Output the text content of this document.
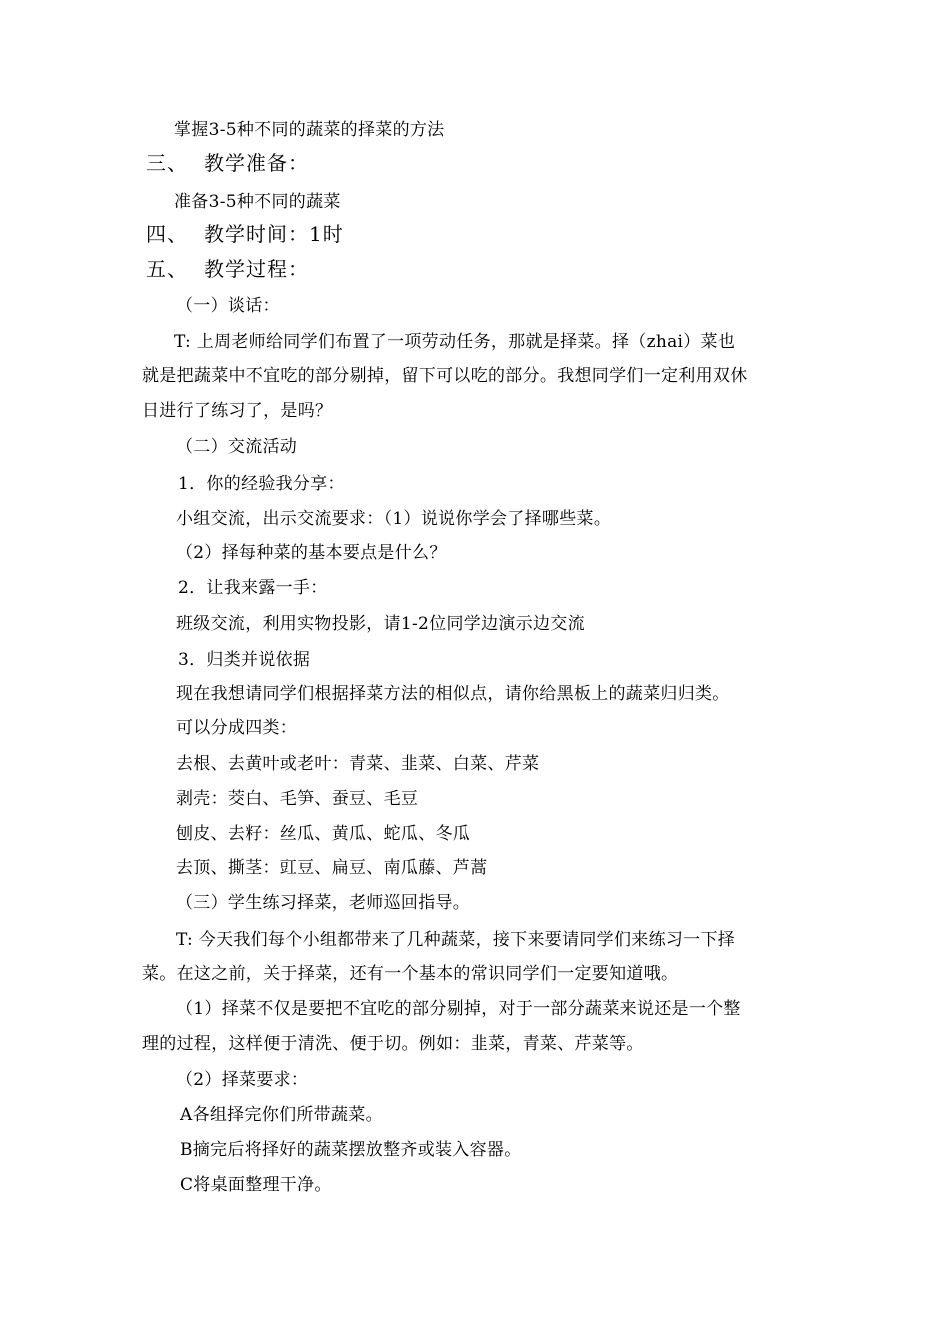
掌握3-5种不同的蔬菜的择菜的方法
三、 教学准备：
准备3-5种不同的蔬菜
四、 教学时间：1时
五、 教学过程：
（一）谈话：
T: 上周老师给同学们布置了一项劳动任务，那就是择菜。择（zhai）菜也
就是把蔬菜中不宜吃的部分剔掉，留下可以吃的部分。我想同学们一定利用双休
日进行了练习了，是吗？
（二）交流活动
1．你的经验我分享：
小组交流，出示交流要求：（1）说说你学会了择哪些菜。
（2）择每种菜的基本要点是什么？
2．让我来露一手：
班级交流，利用实物投影，请1-2位同学边演示边交流
3．归类并说依据
现在我想请同学们根据择菜方法的相似点，请你给黑板上的蔬菜归归类。
可以分成四类：
去根、去黄叶或老叶：青菜、韭菜、白菜、芹菜
剥壳：茭白、毛笋、蚕豆、毛豆
刨皮、去籽：丝瓜、黄瓜、蛇瓜、冬瓜
去顶、撕茎：豇豆、扁豆、南瓜藤、芦蒿
（三）学生练习择菜，老师巡回指导。
T: 今天我们每个小组都带来了几种蔬菜，接下来要请同学们来练习一下择
菜。在这之前，关于择菜，还有一个基本的常识同学们一定要知道哦。
（1）择菜不仅是要把不宜吃的部分剔掉，对于一部分蔬菜来说还是一个整
理的过程，这样便于清洗、便于切。例如：韭菜，青菜、芹菜等。
（2）择菜要求：
A各组择完你们所带蔬菜。
B摘完后将择好的蔬菜摆放整齐或装入容器。
C将桌面整理干净。
